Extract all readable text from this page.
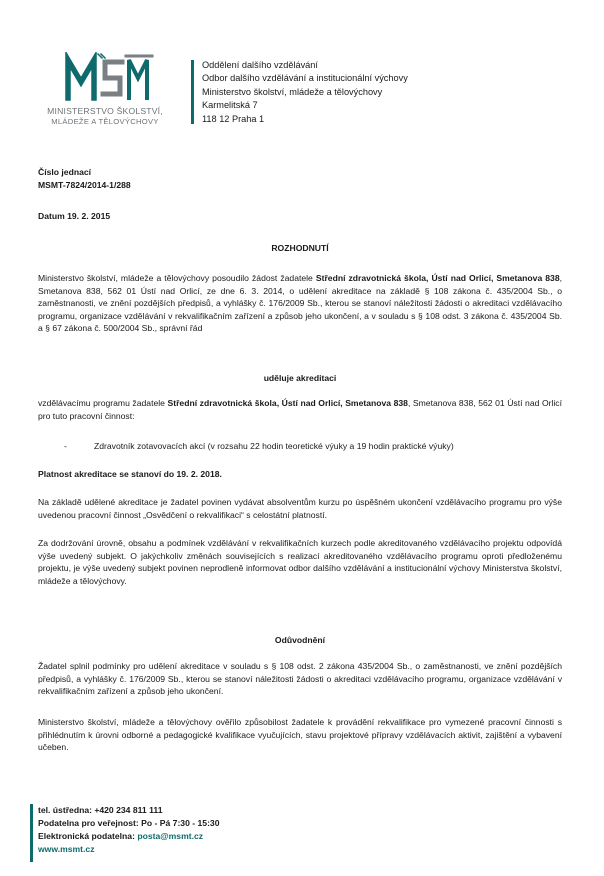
MINISTERSTVO ŠKOLSTVÍ,
MLÁDEŽE A TĚLOVÝCHOVY
Oddělení dalšího vzdělávání
Odbor dalšího vzdělávání a institucionální výchovy
Ministerstvo školství, mládeže a tělovýchovy
Karmelitská 7
118 12 Praha 1
Číslo jednací
MSMT-7824/2014-1/288
Datum 19. 2. 2015
ROZHODNUTÍ
Ministerstvo školství, mládeže a tělovýchovy posoudilo žádost žadatele Střední zdravotnická škola, Ústí nad Orlicí, Smetanova 838, Smetanova 838, 562 01 Ústí nad Orlicí, ze dne 6. 3. 2014, o udělení akreditace na základě § 108 zákona č. 435/2004 Sb., o zaměstnanosti, ve znění pozdějších předpisů, a vyhlášky č. 176/2009 Sb., kterou se stanoví náležitosti žádosti o akreditaci vzdělávacího programu, organizace vzdělávání v rekvalifikačním zařízení a způsob jeho ukončení, a v souladu s § 108 odst. 3 zákona č. 435/2004 Sb. a § 67 zákona č. 500/2004 Sb., správní řád
uděluje akreditaci
vzdělávacímu programu žadatele Střední zdravotnická škola, Ústí nad Orlicí, Smetanova 838, Smetanova 838, 562 01 Ústí nad Orlicí pro tuto pracovní činnost:
-	Zdravotník zotavovacích akcí (v rozsahu 22 hodin teoretické výuky a 19 hodin praktické výuky)
Platnost akreditace se stanoví do 19. 2. 2018.
Na základě udělené akreditace je žadatel povinen vydávat absolventům kurzu po úspěšném ukončení vzdělávacího programu pro výše uvedenou pracovní činnost „Osvědčení o rekvalifikaci“ s celostátní platností.
Za dodržování úrovně, obsahu a podmínek vzdělávání v rekvalifikačních kurzech podle akreditovaného vzdělávacího projektu odpovídá výše uvedený subjekt. O jakýchkoliv změnách souvisejících s realizací akreditovaného vzdělávacího programu oproti předloženému projektu, je výše uvedený subjekt povinen neprodleně informovat odbor dalšího vzdělávání a institucionální výchovy Ministerstva školství, mládeže a tělovýchovy.
Odůvodnění
Žadatel splnil podmínky pro udělení akreditace v souladu s § 108 odst. 2 zákona 435/2004 Sb., o zaměstnanosti, ve znění pozdějších předpisů, a vyhlášky č. 176/2009 Sb., kterou se stanoví náležitosti žádosti o akreditaci vzdělávacího programu, organizace vzdělávání v rekvalifikačním zařízení a způsob jeho ukončení.
Ministerstvo školství, mládeže a tělovýchovy ověřilo způsobilost žadatele k provádění rekvalifikace pro vymezené pracovní činnosti s přihlédnutím k úrovni odborné a pedagogické kvalifikace vyučujících, stavu projektové přípravy vzdělávacích aktivit, zajištění a vybavení učeben.
tel. ústředna: +420 234 811 111
Podatelna pro veřejnost: Po - Pá 7:30 - 15:30
Elektronická podatelna: posta@msmt.cz
www.msmt.cz
